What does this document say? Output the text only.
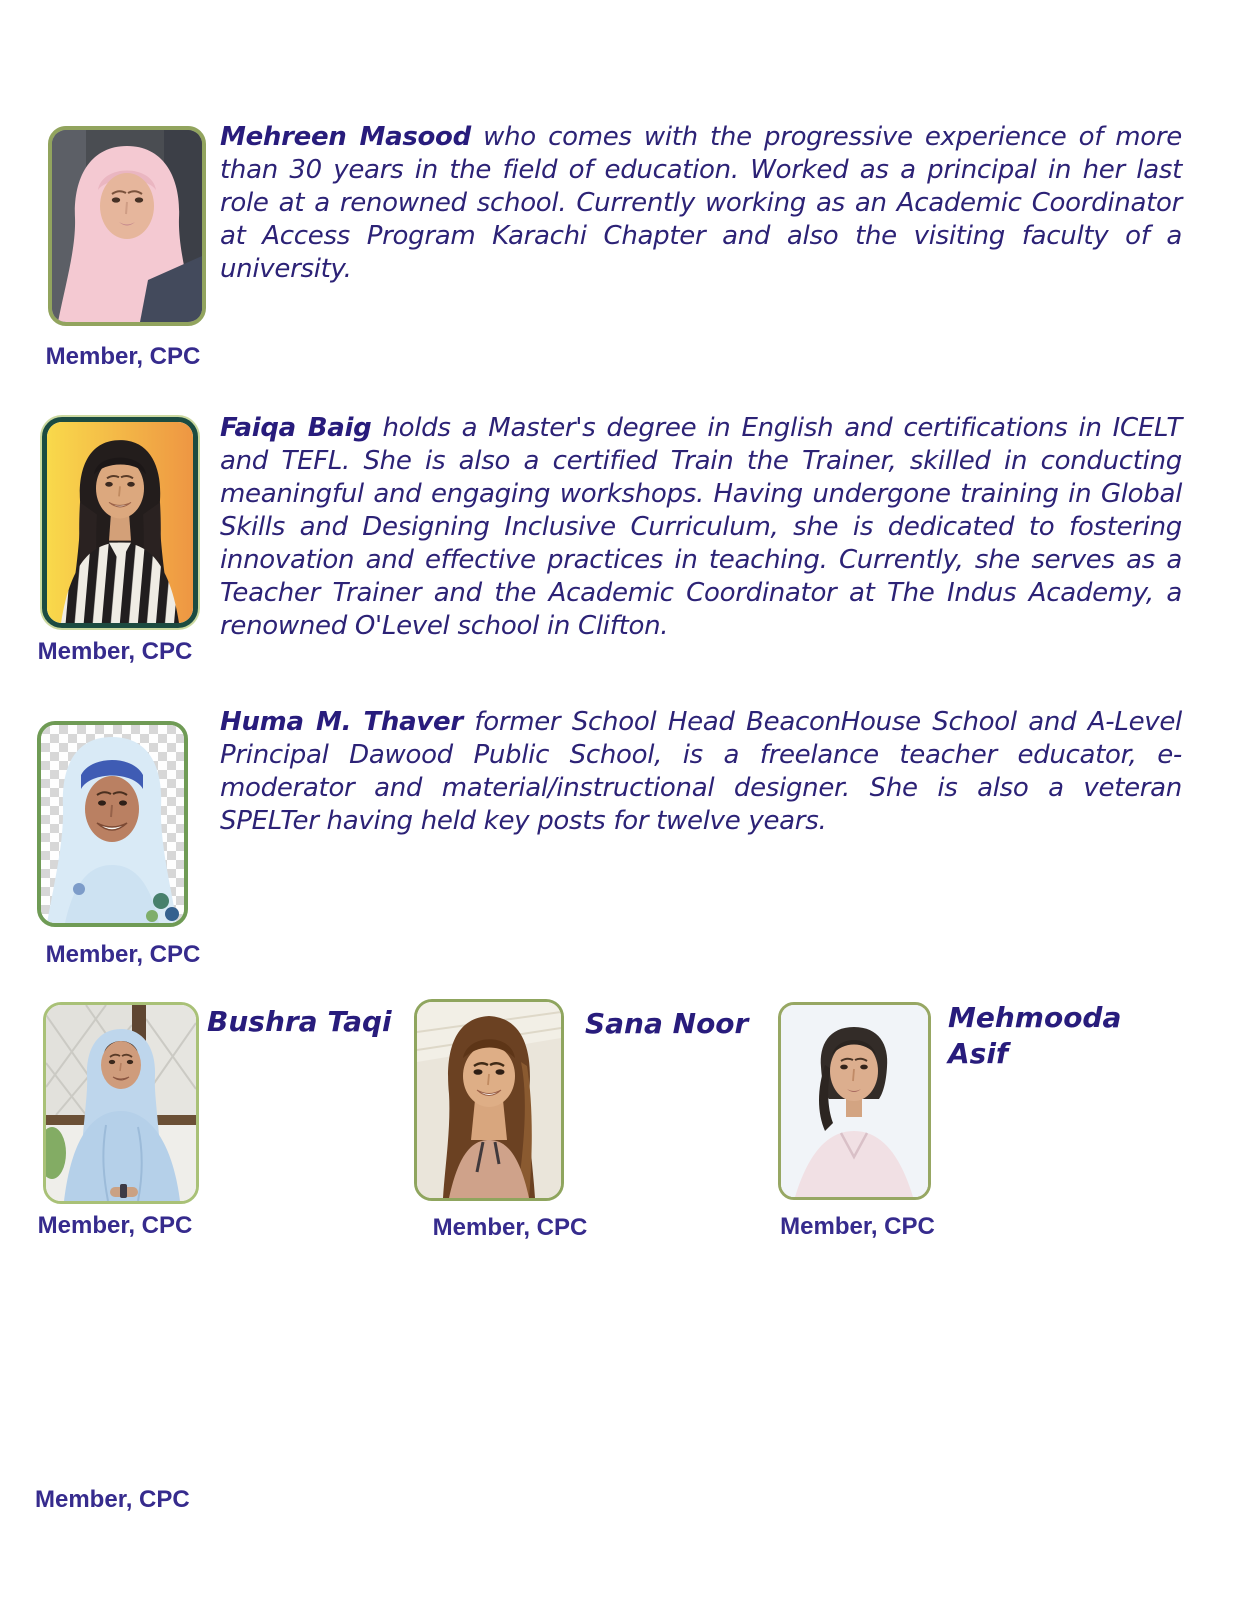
Member, CPC

Mehreen Masood who comes with the progressive experience of more than 30 years in the field of education. Worked as a principal in her last role at a renowned school. Currently working as an Academic Coordinator at Access Program Karachi Chapter and also the visiting faculty of a university.

Member, CPC

Faiqa Baig holds a Master's degree in English and certifications in ICELT and TEFL. She is also a certified Train the Trainer, skilled in conducting meaningful and engaging workshops. Having undergone training in Global Skills and Designing Inclusive Curriculum, she is dedicated to fostering innovation and effective practices in teaching. Currently, she serves as a Teacher Trainer and the Academic Coordinator at The Indus Academy, a renowned O'Level school in Clifton.

Member, CPC

Huma M. Thaver former School Head BeaconHouse School and A-Level Principal Dawood Public School, is a freelance teacher educator, e-moderator and material/instructional designer. She is also a veteran SPELTer having held key posts for twelve years.

Bushra Taqi
Member, CPC
Sana Noor
Member, CPC
Mehmooda Asif
Member, CPC
Member, CPC
